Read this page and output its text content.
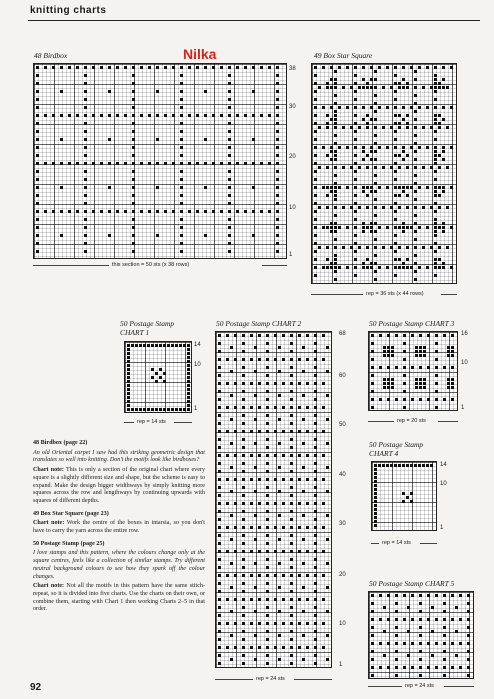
knitting charts
Nilka
48 Birdbox
38
30
20
10
1
this section = 50 sts (x 38 rows)
49 Box Star Square
rep = 36 sts (x 44 rows)
50 Postage Stamp
CHART 1
14
10
1
rep = 14 sts
50 Postage Stamp CHART 2
68
60
50
40
30
20
10
1
rep = 24 sts
50 Postage Stamp CHART 3
16
10
1
rep = 20 sts
50 Postage Stamp
CHART 4
14
10
1
rep = 14 sts
50 Postage Stamp CHART 5
rep = 24 sts

48 Birdbox (page 22)

An old Oriental carpet I saw had this striking geometric design that translates so well into knitting. Don't the motifs look like birdboxes?

Chart note: This is only a section of the original chart where every square is a slightly different size and shape, but the scheme is easy to expand. Make the design bigger widthways by simply knitting more squares across the row and lengthways by continuing upwards with squares of different depths.

49 Box Star Square (page 23)

Chart note: Work the centre of the boxes in intarsia, so you don't have to carry the yarn across the entire row.

50 Postage Stamp (page 25)

I love stamps and this pattern, where the colours change only at the square centres, feels like a collection of similar stamps. Try different neutral background colours to see how they spark off the colour changes.

Chart note: Not all the motifs in this pattern have the same stitch-repeat, so it is divided into five charts. Use the charts on their own, or combine them, starting with Chart 1 then working Charts 2–5 in that order.

92
